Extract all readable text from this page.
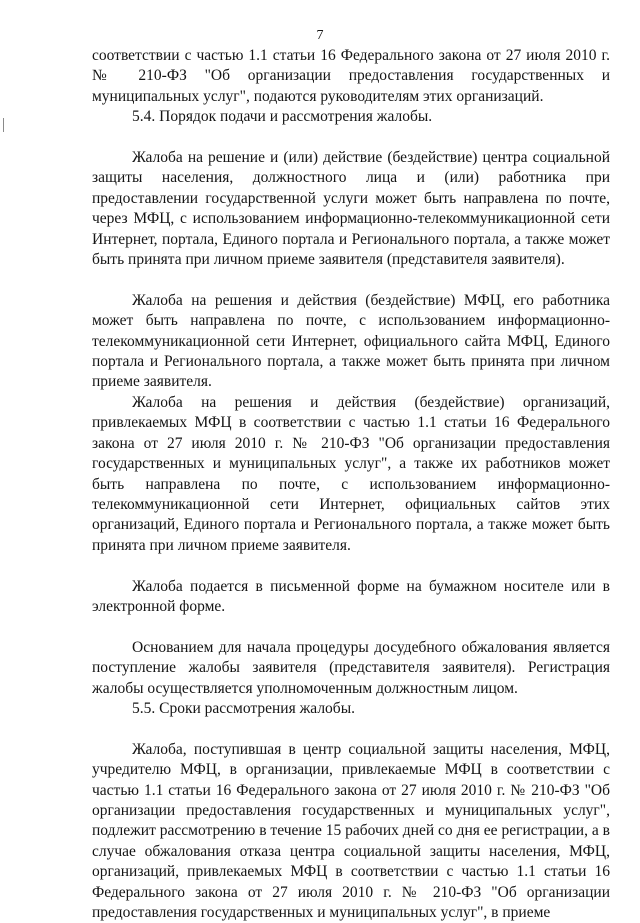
7

соответствии с частью 1.1 статьи 16 Федерального закона от 27 июля 2010 г. № 210-ФЗ "Об организации предоставления государственных и муниципальных услуг", подаются руководителям этих организаций.

5.4. Порядок подачи и рассмотрения жалобы.

Жалоба на решение и (или) действие (бездействие) центра социальной защиты населения, должностного лица и (или) работника при предоставлении государственной услуги может быть направлена по почте, через МФЦ, с использованием информационно-телекоммуникационной сети Интернет, портала, Единого портала и Регионального портала, а также может быть принята при личном приеме заявителя (представителя заявителя).

Жалоба на решения и действия (бездействие) МФЦ, его работника может быть направлена по почте, с использованием информационно-телекоммуникационной сети Интернет, официального сайта МФЦ, Единого портала и Регионального портала, а также может быть принята при личном приеме заявителя.

Жалоба на решения и действия (бездействие) организаций, привлекаемых МФЦ в соответствии с частью 1.1 статьи 16 Федерального закона от 27 июля 2010 г. № 210-ФЗ "Об организации предоставления государственных и муниципальных услуг", а также их работников может быть направлена по почте, с использованием информационно-телекоммуникационной сети Интернет, официальных сайтов этих организаций, Единого портала и Регионального портала, а также может быть принята при личном приеме заявителя.

Жалоба подается в письменной форме на бумажном носителе или в электронной форме.

Основанием для начала процедуры досудебного обжалования является поступление жалобы заявителя (представителя заявителя). Регистрация жалобы осуществляется уполномоченным должностным лицом.

5.5. Сроки рассмотрения жалобы.

Жалоба, поступившая в центр социальной защиты населения, МФЦ, учредителю МФЦ, в организации, привлекаемые МФЦ в соответствии с частью 1.1 статьи 16 Федерального закона от 27 июля 2010 г. № 210-ФЗ "Об организации предоставления государственных и муниципальных услуг", подлежит рассмотрению в течение 15 рабочих дней со дня ее регистрации, а в случае обжалования отказа центра социальной защиты населения, МФЦ, организаций, привлекаемых МФЦ в соответствии с частью 1.1 статьи 16 Федерального закона от 27 июля 2010 г. № 210-ФЗ "Об организации предоставления государственных и муниципальных услуг", в приеме
